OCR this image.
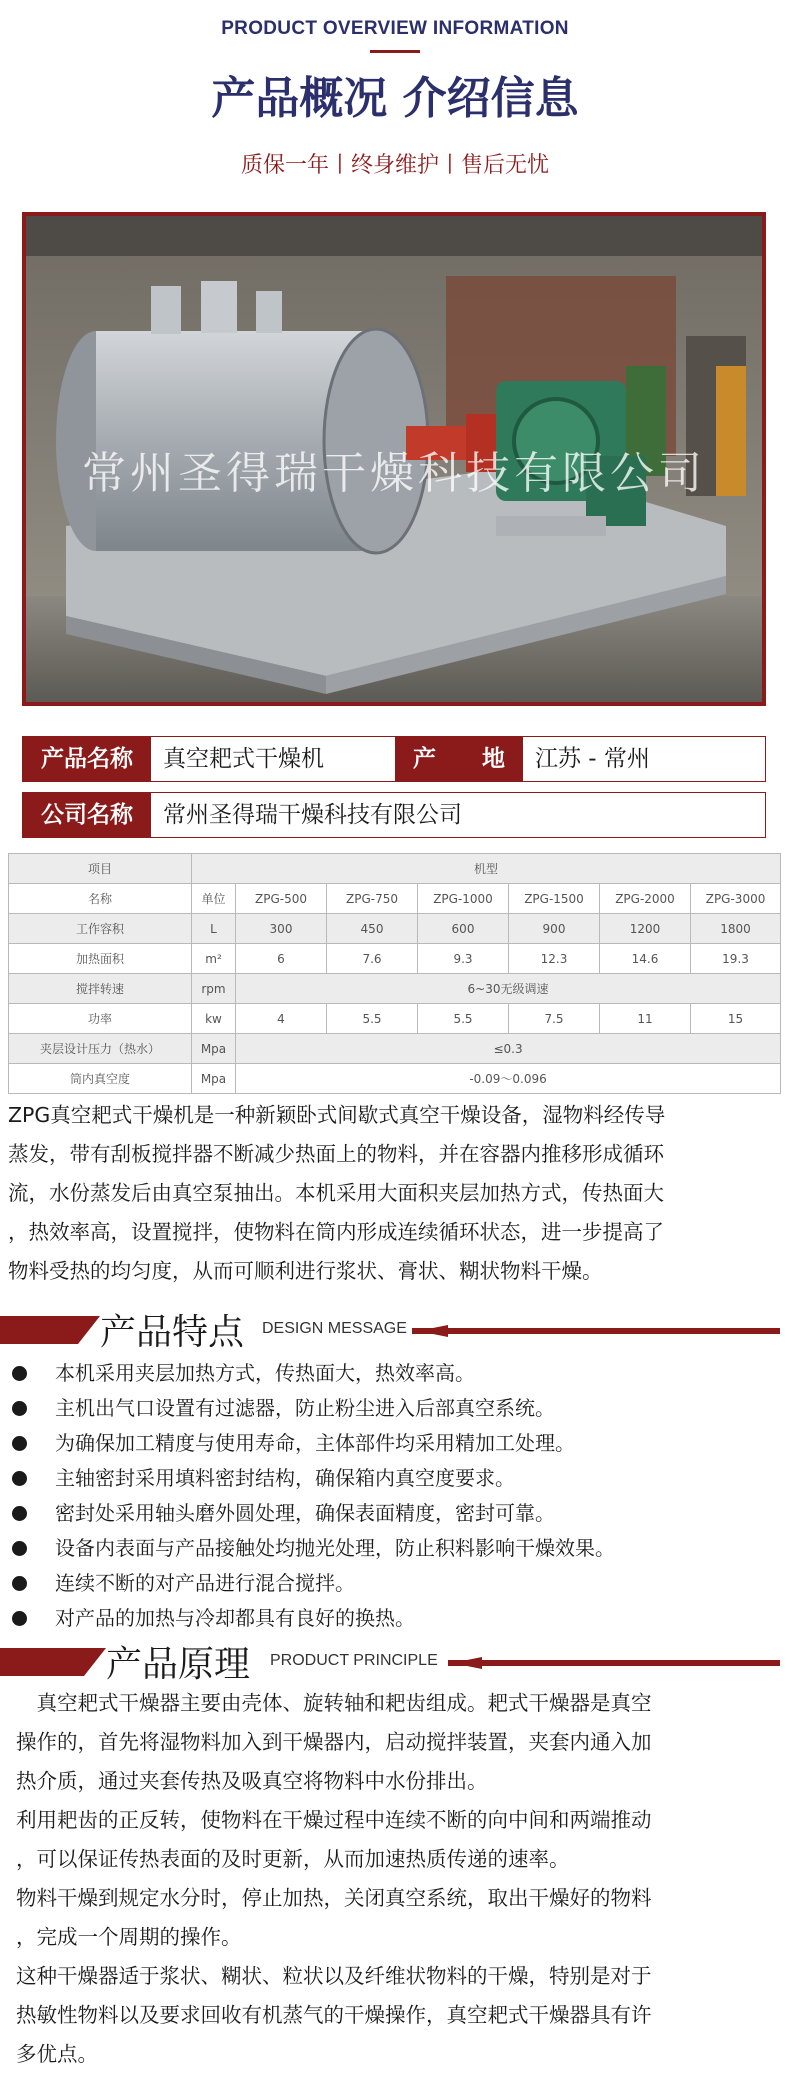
PRODUCT OVERVIEW INFORMATION
产品概况 介绍信息
质保一年丨终身维护丨售后无忧
常州圣得瑞干燥科技有限公司
产品名称	真空耙式干燥机	产　　地	江苏 - 常州
公司名称	常州圣得瑞干燥科技有限公司
项目	机型						
名称	单位	ZPG-500	ZPG-750	ZPG-1000	ZPG-1500	ZPG-2000	ZPG-3000
工作容积	L	300	450	600	900	1200	1800
加热面积	m²	6	7.6	9.3	12.3	14.6	19.3
搅拌转速	rpm	6~30无级调速					
功率	kw	4	5.5	5.5	7.5	11	15
夹层设计压力（热水）	Mpa	≤0.3					
筒内真空度	Mpa	-0.09～0.096					
ZPG真空耙式干燥机是一种新颖卧式间歇式真空干燥设备，湿物料经传导
蒸发，带有刮板搅拌器不断减少热面上的物料，并在容器内推移形成循环
流，水份蒸发后由真空泵抽出。本机采用大面积夹层加热方式，传热面大
，热效率高，设置搅拌，使物料在筒内形成连续循环状态，进一步提高了
物料受热的均匀度，从而可顺利进行浆状、膏状、糊状物料干燥。
产品特点 DESIGN MESSAGE
本机采用夹层加热方式，传热面大，热效率高。
主机出气口设置有过滤器，防止粉尘进入后部真空系统。
为确保加工精度与使用寿命，主体部件均采用精加工处理。
主轴密封采用填料密封结构，确保箱内真空度要求。
密封处采用轴头磨外圆处理，确保表面精度，密封可靠。
设备内表面与产品接触处均抛光处理，防止积料影响干燥效果。
连续不断的对产品进行混合搅拌。
对产品的加热与冷却都具有良好的换热。
产品原理 PRODUCT PRINCIPLE
　真空耙式干燥器主要由壳体、旋转轴和耙齿组成。耙式干燥器是真空
操作的，首先将湿物料加入到干燥器内，启动搅拌装置，夹套内通入加
热介质，通过夹套传热及吸真空将物料中水份排出。
利用耙齿的正反转，使物料在干燥过程中连续不断的向中间和两端推动
，可以保证传热表面的及时更新，从而加速热质传递的速率。
物料干燥到规定水分时，停止加热，关闭真空系统，取出干燥好的物料
，完成一个周期的操作。
这种干燥器适于浆状、糊状、粒状以及纤维状物料的干燥，特别是对于
热敏性物料以及要求回收有机蒸气的干燥操作，真空耙式干燥器具有许
多优点。
